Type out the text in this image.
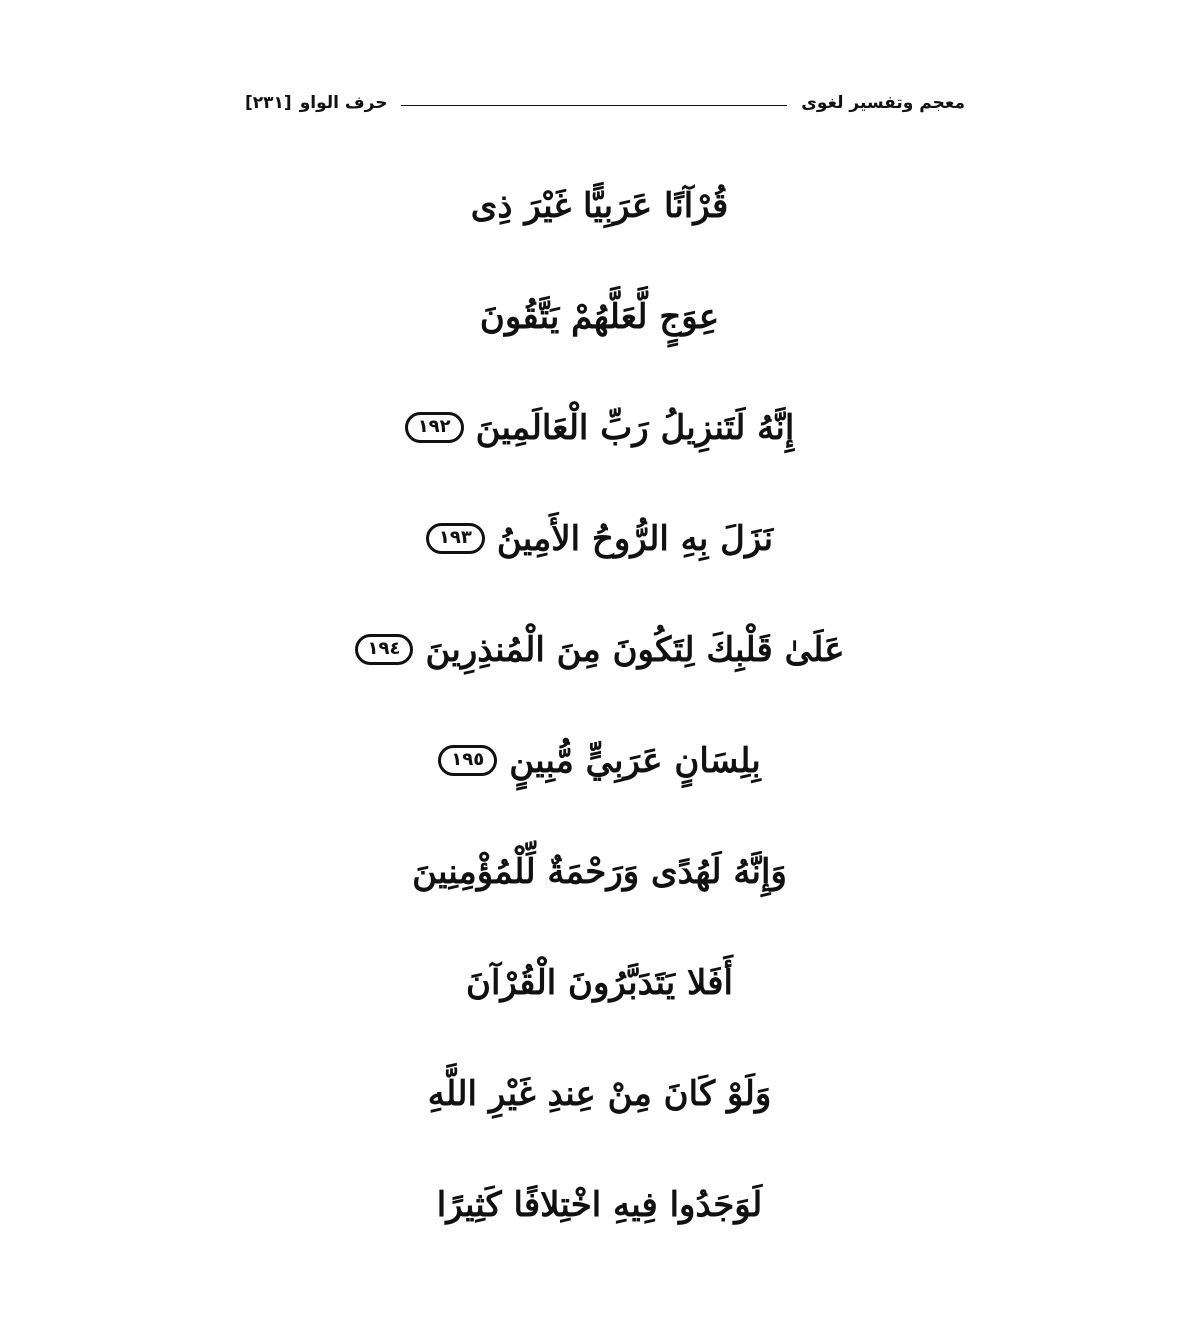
معجم وتفسير لغوى
حرف الواو
[٢٣١]
قُرْآنًا عَرَبِيًّا غَيْرَ ذِى
عِوَجٍ لَّعَلَّهُمْ يَتَّقُونَ
إِنَّهُ لَتَنزِيلُ رَبِّ الْعَالَمِينَ
١٩٢
نَزَلَ بِهِ الرُّوحُ الأَمِينُ
١٩٣
عَلَىٰ قَلْبِكَ لِتَكُونَ مِنَ الْمُنذِرِينَ
١٩٤
بِلِسَانٍ عَرَبِيٍّ مُّبِينٍ
١٩٥
وَإِنَّهُ لَهُدًى وَرَحْمَةٌ لِّلْمُؤْمِنِينَ
أَفَلا يَتَدَبَّرُونَ الْقُرْآنَ
وَلَوْ كَانَ مِنْ عِندِ غَيْرِ اللَّهِ
لَوَجَدُوا فِيهِ اخْتِلافًا كَثِيرًا
